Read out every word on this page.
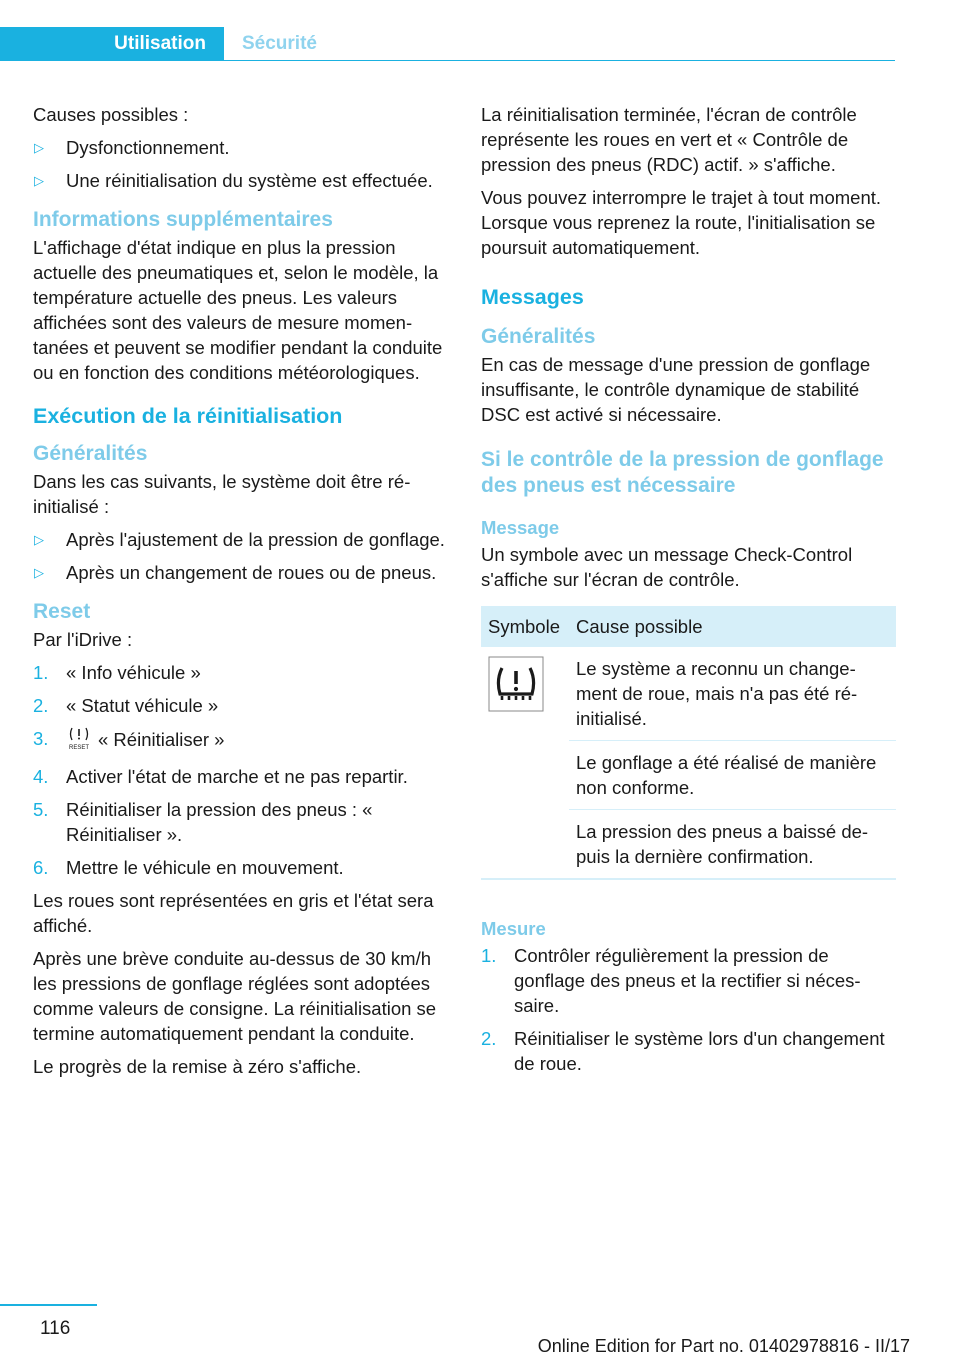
Utilisation	Sécurité

Causes possibles :

▷ Dysfonctionnement.
▷ Une réinitialisation du système est effectuée.
Informations supplémentaires

L'affichage d'état indique en plus la pression actuelle des pneumatiques et, selon le modèle, la température actuelle des pneus. Les valeurs affichées sont des valeurs de mesure momentanées et peuvent se modifier pendant la conduite ou en fonction des conditions météorologiques.

Exécution de la réinitialisation
Généralités

Dans les cas suivants, le système doit être réinitialisé :

▷ Après l'ajustement de la pression de gonflage.
▷ Après un changement de roues ou de pneus.
Reset

Par l'iDrive :

1. « Info véhicule »
2. « Statut véhicule »
3.	RESET « Réinitialiser »
4. Activer l'état de marche et ne pas repartir.
5. Réinitialiser la pression des pneus : « Réinitialiser ».
6. Mettre le véhicule en mouvement.

Les roues sont représentées en gris et l'état sera affiché.

Après une brève conduite au-dessus de 30 km/h les pressions de gonflage réglées sont adoptées comme valeurs de consigne. La réinitialisation se termine automatiquement pendant la conduite.

Le progrès de la remise à zéro s'affiche.

La réinitialisation terminée, l'écran de contrôle représente les roues en vert et « Contrôle de pression des pneus (RDC) actif. » s'affiche.

Vous pouvez interrompre le trajet à tout moment. Lorsque vous reprenez la route, l'initialisation se poursuit automatiquement.

Messages
Généralités

En cas de message d'une pression de gonflage insuffisante, le contrôle dynamique de stabilité DSC est activé si nécessaire.

Si le contrôle de la pression de gonflage des pneus est nécessaire
Message

Un symbole avec un message Check-Control s'affiche sur l'écran de contrôle.

Symbole	Cause possible
	Le système a reconnu un changement de roue, mais n'a pas été réinitialisé.
	Le gonflage a été réalisé de manière non conforme.
	La pression des pneus a baissé depuis la dernière confirmation.
Mesure
1. Contrôler régulièrement la pression de gonflage des pneus et la rectifier si nécessaire.
2. Réinitialiser le système lors d'un changement de roue.
116
Online Edition for Part no. 01402978816 - II/17
